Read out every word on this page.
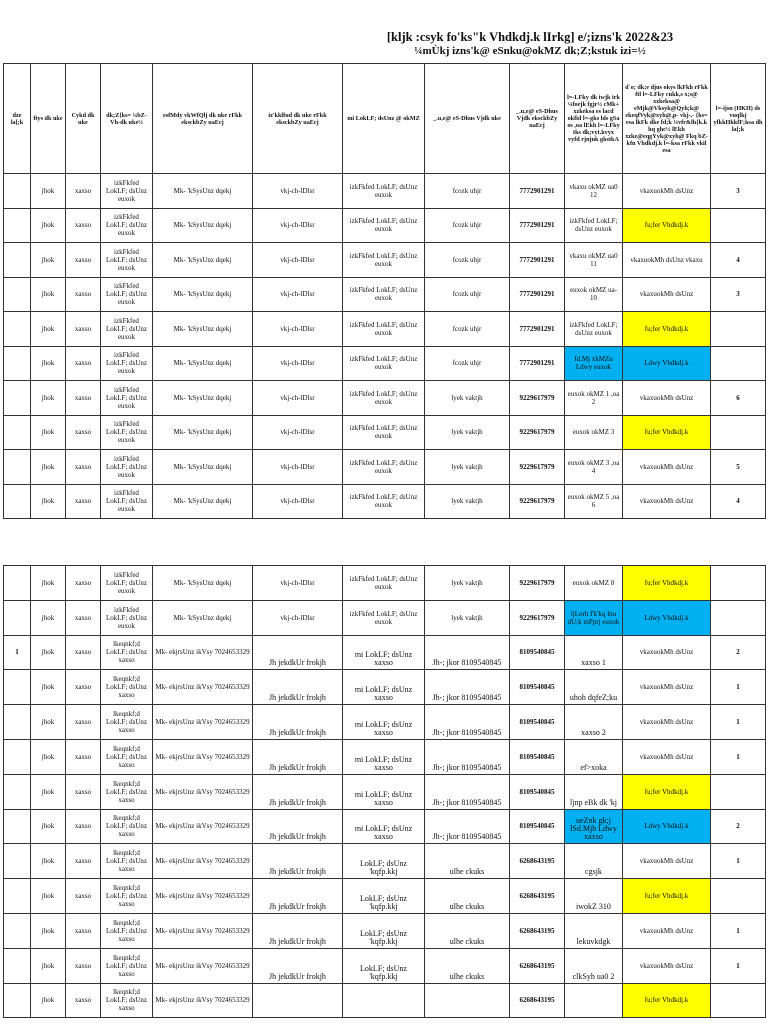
[kljk :csyk fo'ks"k Vhdkdj.k lIrkg] e/;izns'k 2022&23
¼mÙkj izns'k@ eSnku@okMZ dk;Z;kstuk izi=½
dze la[;k	ftys dk uke	Cykd dk uke	dk;Z{ks= ¼bZ-Vh-dk uke½	esfMdy vkWfQlj dk uke rFkk eksckbZy uaEcj	iz'kklfud dk uke rFkk eksckbZy uaEcj	mi LokLF; dsUnz @ okMZ	_.u,e@ eS-Dhus Vjdk uke	_.u,e@ eS-Dhus Vjdk eksckbZy uaEcj	l=-LFky dk iwjk irk ¼foejk fgjr½ cMk+ xzkeksa es lacd okfid l=-gks lds gSa os ,oa lEkh l=-LFky tks dk;vyt.kvyx vyfd rjnjuk gkstkA	d`o; dk;e djus okys lkFkh rFkk ftl l=-LFky cukk,s x;s@ xzkeksa@ eMjk@Vksyk@Qyh;k@ ekeqfVyk@xyh@,p- vkj-,- {ks= esa lkFk dke fd;k ¼vfr&lh{k.k hq ghc½ lEkh xzke@eqgYyk@xyh@ Fkq bZ- kfn Vhdkdj.k l=-ksa rFkk vkil esa	l=-ijsn (HKH) ds vuqlkj yfkkHkkfF;ksa dh la[;k
	jhok	xaxso	izkFkfed LokLF; dsUnz euxok	Mk- 'kSysUnz dqekj	vkj-ch-lDlsr	izkFkfed LokLF; dsUnz euxok	fcozk uhjr	7772901291	vkaxu okMZ ua0 12	vkaxuokMh dsUnz	3
	jhok	xaxso	izkFkfed LokLF; dsUnz euxok	Mk- 'kSysUnz dqekj	vkj-ch-lDlsr	izkFkfed LokLF; dsUnz euxok	fcozk uhjr	7772901291	izkFkfed LokLF; dsUnz euxok	fu;fer Vhdkdj.k	
	jhok	xaxso	izkFkfed LokLF; dsUnz euxok	Mk- 'kSysUnz dqekj	vkj-ch-lDlsr	izkFkfed LokLF; dsUnz euxok	fcozk uhjr	7772901291	vkaxu okMZ ua0 11	vkaxuokMh dsUnz vkaxu	4
	jhok	xaxso	izkFkfed LokLF; dsUnz euxok	Mk- 'kSysUnz dqekj	vkj-ch-lDlsr	izkFkfed LokLF; dsUnz euxok	fcozk uhjr	7772901291	euxok okMZ ua- 10	vkaxuokMh dsUnz	3
	jhok	xaxso	izkFkfed LokLF; dsUnz euxok	Mk- 'kSysUnz dqekj	vkj-ch-lDlsr	izkFkfed LokLF; dsUnz euxok	fcozk uhjr	7772901291	izkFkfed LokLF; dsUnz euxok	fu;fer Vhdkdj.k	
	jhok	xaxso	izkFkfed LokLF; dsUnz euxok	Mk- 'kSysUnz dqekj	vkj-ch-lDlsr	izkFkfed LokLF; dsUnz euxok	fcozk uhjr	7772901291	fd.Mj xkMZu Ldwy euxok	Ldwy Vhdkdj.k	
	jhok	xaxso	izkFkfed LokLF; dsUnz euxok	Mk- 'kSysUnz dqekj	vkj-ch-lDlsr	izkFkfed LokLF; dsUnz euxok	lyek vaktjh	9229617979	euxok okMZ 1 ,oa 2	vkaxuokMh dsUnz	6
	jhok	xaxso	izkFkfed LokLF; dsUnz euxok	Mk- 'kSysUnz dqekj	vkj-ch-lDlsr	izkFkfed LokLF; dsUnz euxok	lyek vaktjh	9229617979	euxok okMZ 3	fu;fer Vhdkdj.k	
	jhok	xaxso	izkFkfed LokLF; dsUnz euxok	Mk- 'kSysUnz dqekj	vkj-ch-lDlsr	izkFkfed LokLF; dsUnz euxok	lyek vaktjh	9229617979	euxok okMZ 3 ,oa 4	vkaxuokMh dsUnz	5
	jhok	xaxso	izkFkfed LokLF; dsUnz euxok	Mk- 'kSysUnz dqekj	vkj-ch-lDlsr	izkFkfed LokLF; dsUnz euxok	lyek vaktjh	9229617979	euxok okMZ 5 ,oa 6	vkaxuokMh dsUnz	4
	jhok	xaxso	izkFkfed LokLF; dsUnz euxok	Mk- 'kSysUnz dqekj	vkj-ch-lDlsr	izkFkfed LokLF; dsUnz euxok	lyek vaktjh	9229617979	euxok okMZ 8	fu;fer Vhdkdj.k	
	jhok	xaxso	izkFkfed LokLF; dsUnz euxok	Mk- 'kSysUnz dqekj	vkj-ch-lDlsr	izkFkfed LokLF; dsUnz euxok	lyek vaktjh	9229617979	ljLorh f'k'kq lnu dU;k mPprj euxok	Ldwy Vhdkdj.k	
1	jhok	xaxso	lkeqnkf;d LokLF; dsUnz xaxso	Mk- ekjrsUnz ikVsy 7024653329	Jh jekdkUr frokjh	mi LokLF; dsUnz xaxso	Jh-; jkor 8109540845	8109540845	xaxso 1	vkaxuokMh dsUnz	2
	jhok	xaxso	lkeqnkf;d LokLF; dsUnz xaxso	Mk- ekjrsUnz ikVsy 7024653329	Jh jekdkUr frokjh	mi LokLF; dsUnz xaxso	Jh-; jkor 8109540845	8109540845	uhoh dqfeZ;ku	vkaxuokMh dsUnz	1
	jhok	xaxso	lkeqnkf;d LokLF; dsUnz xaxso	Mk- ekjrsUnz ikVsy 7024653329	Jh jekdkUr frokjh	mi LokLF; dsUnz xaxso	Jh-; jkor 8109540845	8109540845	xaxso 2	vkaxuokMh dsUnz	1
	jhok	xaxso	lkeqnkf;d LokLF; dsUnz xaxso	Mk- ekjrsUnz ikVsy 7024653329	Jh jekdkUr frokjh	mi LokLF; dsUnz xaxso	Jh-; jkor 8109540845	8109540845	ef>xoka	vkaxuokMh dsUnz	1
	jhok	xaxso	lkeqnkf;d LokLF; dsUnz xaxso	Mk- ekjrsUnz ikVsy 7024653329	Jh jekdkUr frokjh	mi LokLF; dsUnz xaxso	Jh-; jkor 8109540845	8109540845	ljnp eBk dk 'kj	fu;fer Vhdkdj.k	
	jhok	xaxso	lkeqnkf;d LokLF; dsUnz xaxso	Mk- ekjrsUnz ikVsy 7024653329	Jh jekdkUr frokjh	mi LokLF; dsUnz xaxso	Jh-; jkor 8109540845	8109540845	ueZnk gk;j lSd.Mjh Ldwy xaxso	Ldwy Vhdkdj.k	2
	jhok	xaxso	lkeqnkf;d LokLF; dsUnz xaxso	Mk- ekjrsUnz ikVsy 7024653329	Jh jekdkUr frokjh	LokLF; dsUnz 'kqfp.kkj	ulhe ckuks	6268643195	cgsjk	vkaxuokMh dsUnz	1
	jhok	xaxso	lkeqnkf;d LokLF; dsUnz xaxso	Mk- ekjrsUnz ikVsy 7024653329	Jh jekdkUr frokjh	LokLF; dsUnz 'kqfp.kkj	ulhe ckuks	6268643195	iwokZ 310	fu;fer Vhdkdj.k	
	jhok	xaxso	lkeqnkf;d LokLF; dsUnz xaxso	Mk- ekjrsUnz ikVsy 7024653329	Jh jekdkUr frokjh	LokLF; dsUnz 'kqfp.kkj	ulhe ckuks	6268643195	lekuvkdgk	vkaxuokMh dsUnz	1
	jhok	xaxso	lkeqnkf;d LokLF; dsUnz xaxso	Mk- ekjrsUnz ikVsy 7024653329	Jh jekdkUr frokjh	LokLF; dsUnz 'kqfp.kkj	ulhe ckuks	6268643195	clkSyh ua0 2	vkaxuokMh dsUnz	1
	jhok	xaxso	lkeqnkf;d LokLF; dsUnz xaxso	Mk- ekjrsUnz ikVsy 7024653329				6268643195		fu;fer Vhdkdj.k	
